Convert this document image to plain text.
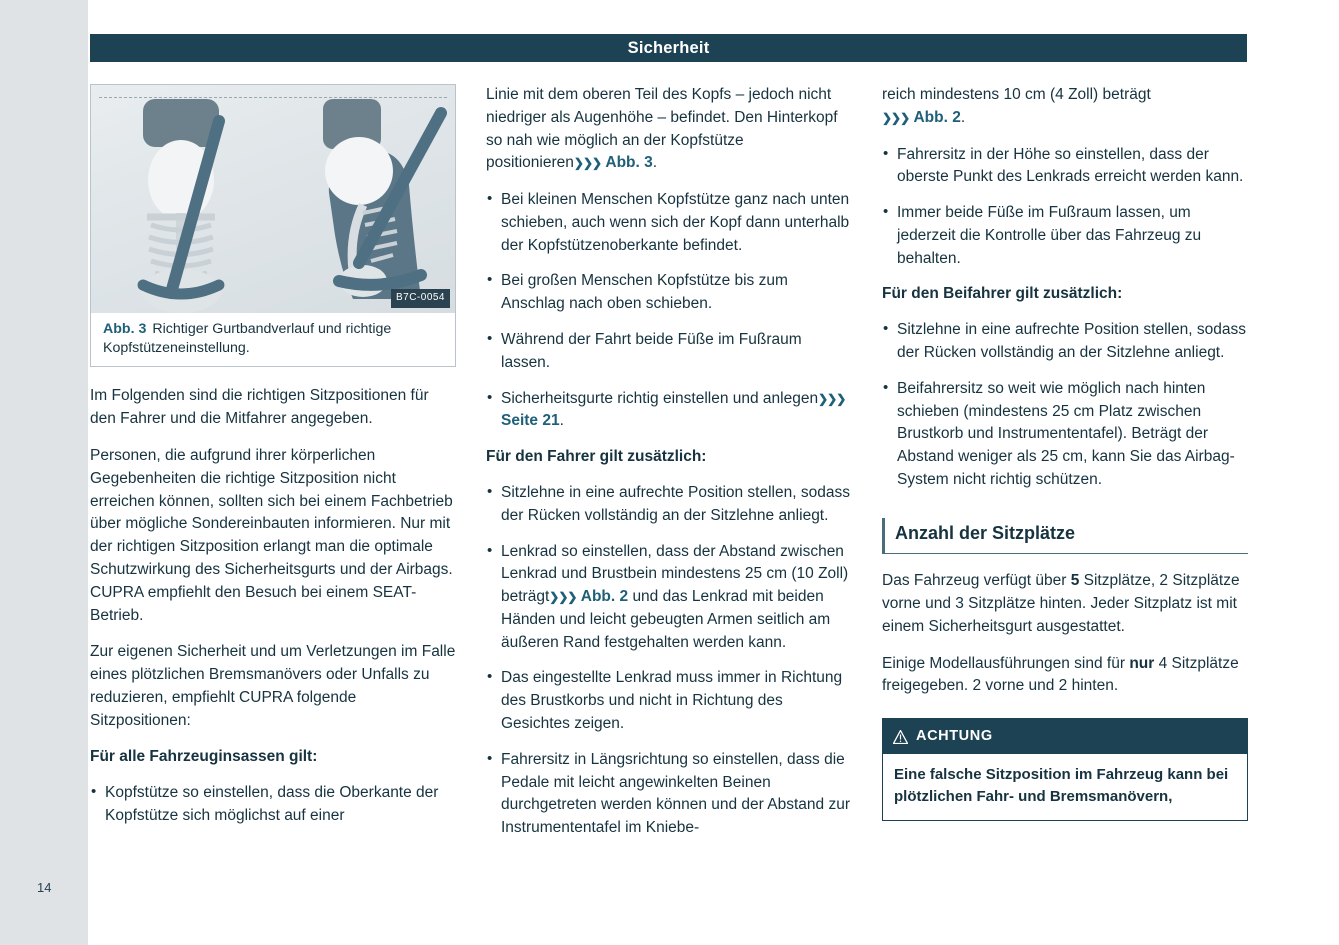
Sicherheit
14
B7C-0054
Abb. 3 Richtiger Gurtbandverlauf und richtige Kopfstützeneinstellung.

Im Folgenden sind die richtigen Sitzpositionen für den Fahrer und die Mitfahrer angegeben.

Personen, die aufgrund ihrer körperlichen Gegebenheiten die richtige Sitzposition nicht erreichen können, sollten sich bei einem Fachbetrieb über mögliche Sondereinbauten informieren. Nur mit der richtigen Sitzposition erlangt man die optimale Schutzwirkung des Sicherheitsgurts und der Airbags. CUPRA empfiehlt den Besuch bei einem SEAT-Betrieb.

Zur eigenen Sicherheit und um Verletzungen im Falle eines plötzlichen Bremsmanövers oder Unfalls zu reduzieren, empfiehlt CUPRA folgende Sitzpositionen:

Für alle Fahrzeuginsassen gilt:

• Kopfstütze so einstellen, dass die Oberkante der Kopfstütze sich möglichst auf einer

Linie mit dem oberen Teil des Kopfs – jedoch nicht niedriger als Augenhöhe – befindet. Den Hinterkopf so nah wie möglich an der Kopfstütze positionieren❯❯❯ Abb. 3.

• Bei kleinen Menschen Kopfstütze ganz nach unten schieben, auch wenn sich der Kopf dann unterhalb der Kopfstützenoberkante befindet.

• Bei großen Menschen Kopfstütze bis zum Anschlag nach oben schieben.

• Während der Fahrt beide Füße im Fußraum lassen.

• Sicherheitsgurte richtig einstellen und anlegen❯❯❯ Seite 21.

Für den Fahrer gilt zusätzlich:

• Sitzlehne in eine aufrechte Position stellen, sodass der Rücken vollständig an der Sitzlehne anliegt.

• Lenkrad so einstellen, dass der Abstand zwischen Lenkrad und Brustbein mindestens 25 cm (10 Zoll) beträgt❯❯❯ Abb. 2 und das Lenkrad mit beiden Händen und leicht gebeugten Armen seitlich am äußeren Rand festgehalten werden kann.

• Das eingestellte Lenkrad muss immer in Richtung des Brustkorbs und nicht in Richtung des Gesichtes zeigen.

• Fahrersitz in Längsrichtung so einstellen, dass die Pedale mit leicht angewinkelten Beinen durchgetreten werden können und der Abstand zur Instrumententafel im Kniebe-

reich mindestens 10 cm (4 Zoll) beträgt
❯❯❯ Abb. 2.

• Fahrersitz in der Höhe so einstellen, dass der oberste Punkt des Lenkrads erreicht werden kann.

• Immer beide Füße im Fußraum lassen, um jederzeit die Kontrolle über das Fahrzeug zu behalten.

Für den Beifahrer gilt zusätzlich:

• Sitzlehne in eine aufrechte Position stellen, sodass der Rücken vollständig an der Sitzlehne anliegt.

• Beifahrersitz so weit wie möglich nach hinten schieben (mindestens 25 cm Platz zwischen Brustkorb und Instrumententafel). Beträgt der Abstand weniger als 25 cm, kann Sie das Airbag-System nicht richtig schützen.

Anzahl der Sitzplätze

Das Fahrzeug verfügt über 5 Sitzplätze, 2 Sitzplätze vorne und 3 Sitzplätze hinten. Jeder Sitzplatz ist mit einem Sicherheitsgurt ausgestattet.

Einige Modellausführungen sind für nur 4 Sitzplätze freigegeben. 2 vorne und 2 hinten.

ACHTUNG
Eine falsche Sitzposition im Fahrzeug kann bei plötzlichen Fahr- und Bremsmanövern,
